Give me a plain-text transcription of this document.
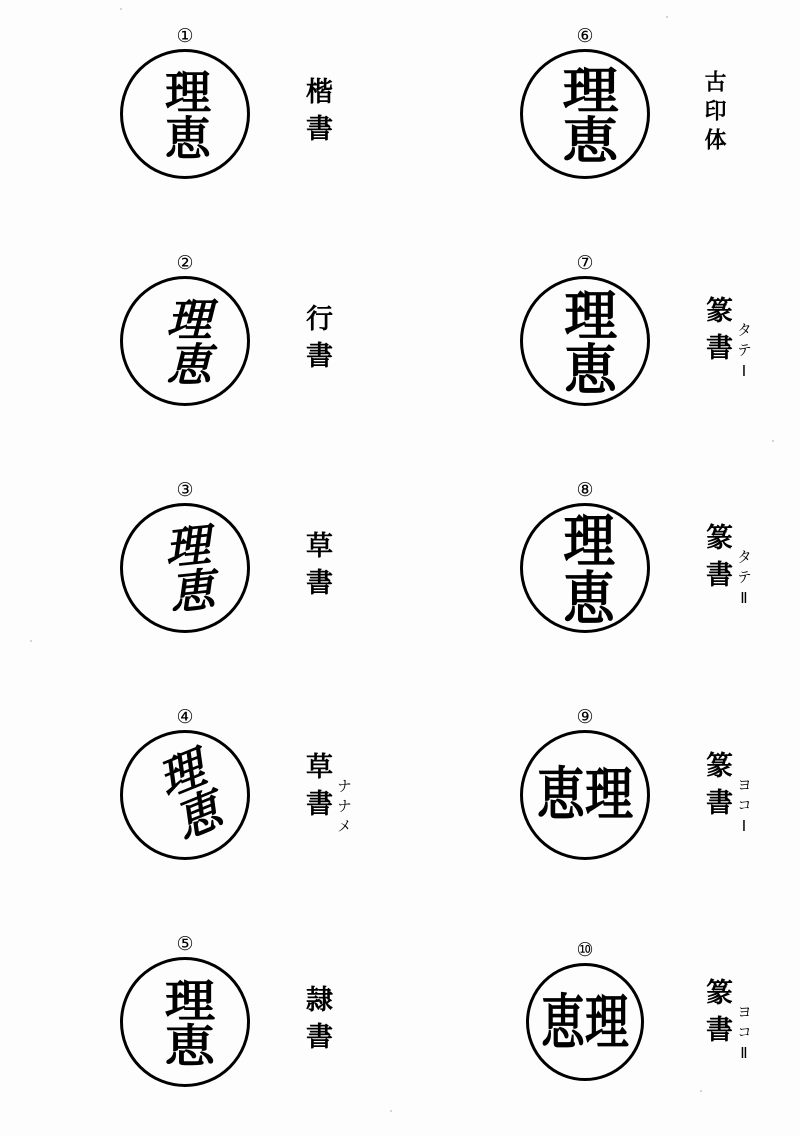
①
理恵	楷書
⑥
理恵	古印体
②
理恵	行書
⑦
理恵	篆書 タテⅠ
③
理恵	草書
⑧
理恵	篆書 タテⅡ
④
理恵	草書 ナナメ
⑨
理恵	篆書 ヨコⅠ
⑤
理恵	隷書
⑩
理恵	篆書 ヨコⅡ
